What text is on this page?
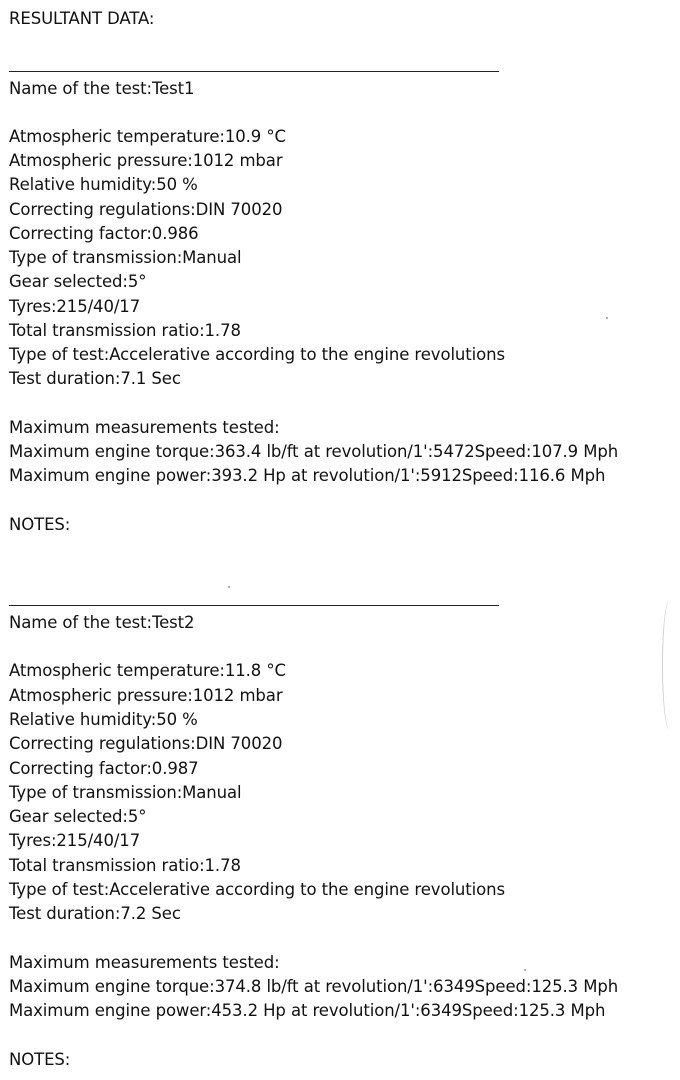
RESULTANT DATA:
Name of the test:Test1
Atmospheric temperature:10.9 °C
Atmospheric pressure:1012 mbar
Relative humidity:50 %
Correcting regulations:DIN 70020
Correcting factor:0.986
Type of transmission:Manual
Gear selected:5°
Tyres:215/40/17
Total transmission ratio:1.78
Type of test:Accelerative according to the engine revolutions
Test duration:7.1 Sec
Maximum measurements tested:
Maximum engine torque:363.4 lb/ft at revolution/1':5472Speed:107.9 Mph
Maximum engine power:393.2 Hp at revolution/1':5912Speed:116.6 Mph
NOTES:
Name of the test:Test2
Atmospheric temperature:11.8 °C
Atmospheric pressure:1012 mbar
Relative humidity:50 %
Correcting regulations:DIN 70020
Correcting factor:0.987
Type of transmission:Manual
Gear selected:5°
Tyres:215/40/17
Total transmission ratio:1.78
Type of test:Accelerative according to the engine revolutions
Test duration:7.2 Sec
Maximum measurements tested:
Maximum engine torque:374.8 lb/ft at revolution/1':6349Speed:125.3 Mph
Maximum engine power:453.2 Hp at revolution/1':6349Speed:125.3 Mph
NOTES:
